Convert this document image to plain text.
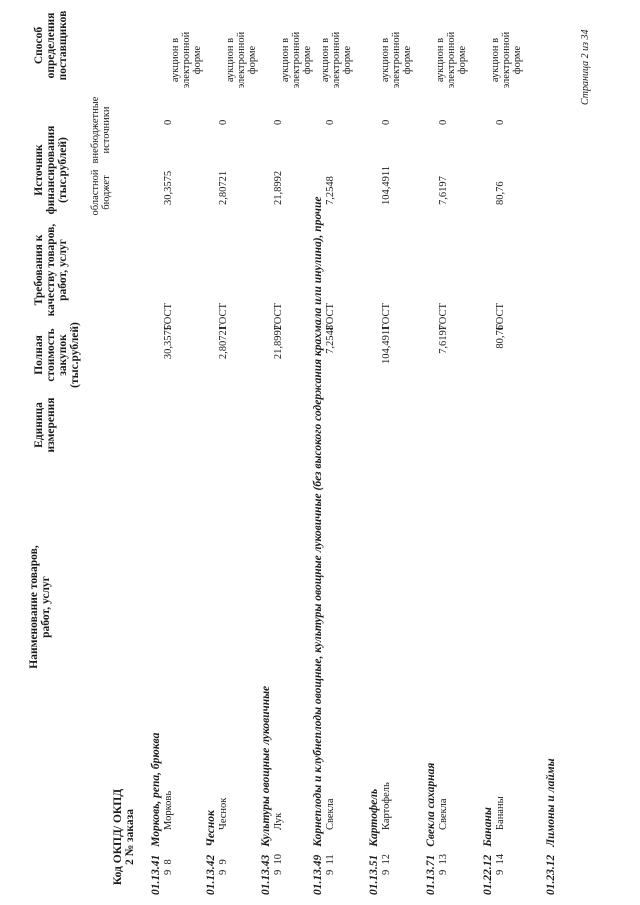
Код ОКПД/ ОКПД 2 № заказа
Наименование товаров, работ, услуг
Единица измерения
Полная стоимость закупок (тыс.рублей)
Требования к качеству товаров, работ, услуг
Источник финансирования (тыс.рублей) областной бюджет
внебюджетные источники
Способ определения поставщиков
01.13.41Морковь, репа, брюква
9  8
Морковь
30,3575
ГОСТ
30,3575
0
аукцион в электронной форме
01.13.42Чеснок
9  9
Чеснок
2,80721
ГОСТ
2,80721
0
аукцион в электронной форме
01.13.43Культуры овощные луковичные
9  10
Лук
21,8992
ГОСТ
21,8992
0
аукцион в электронной форме
01.13.49Корнеплоды и клубнеплоды овощные, культуры овощные луковичные (без высокого содержания крахмала или инулина), прочие
9  11
Свекла
7,2548
ГОСТ
7,2548
0
аукцион в электронной форме
01.13.51Картофель
9  12
Картофель
104,4911
ГОСТ
104,4911
0
аукцион в электронной форме
01.13.71Свекла сахарная
9  13
Свекла
7,6197
ГОСТ
7,6197
0
аукцион в электронной форме
01.22.12Бананы
9  14
Бананы
80,76
ГОСТ
80,76
0
аукцион в электронной форме
01.23.12Лимоны и лаймы
Страница 2 из 34
